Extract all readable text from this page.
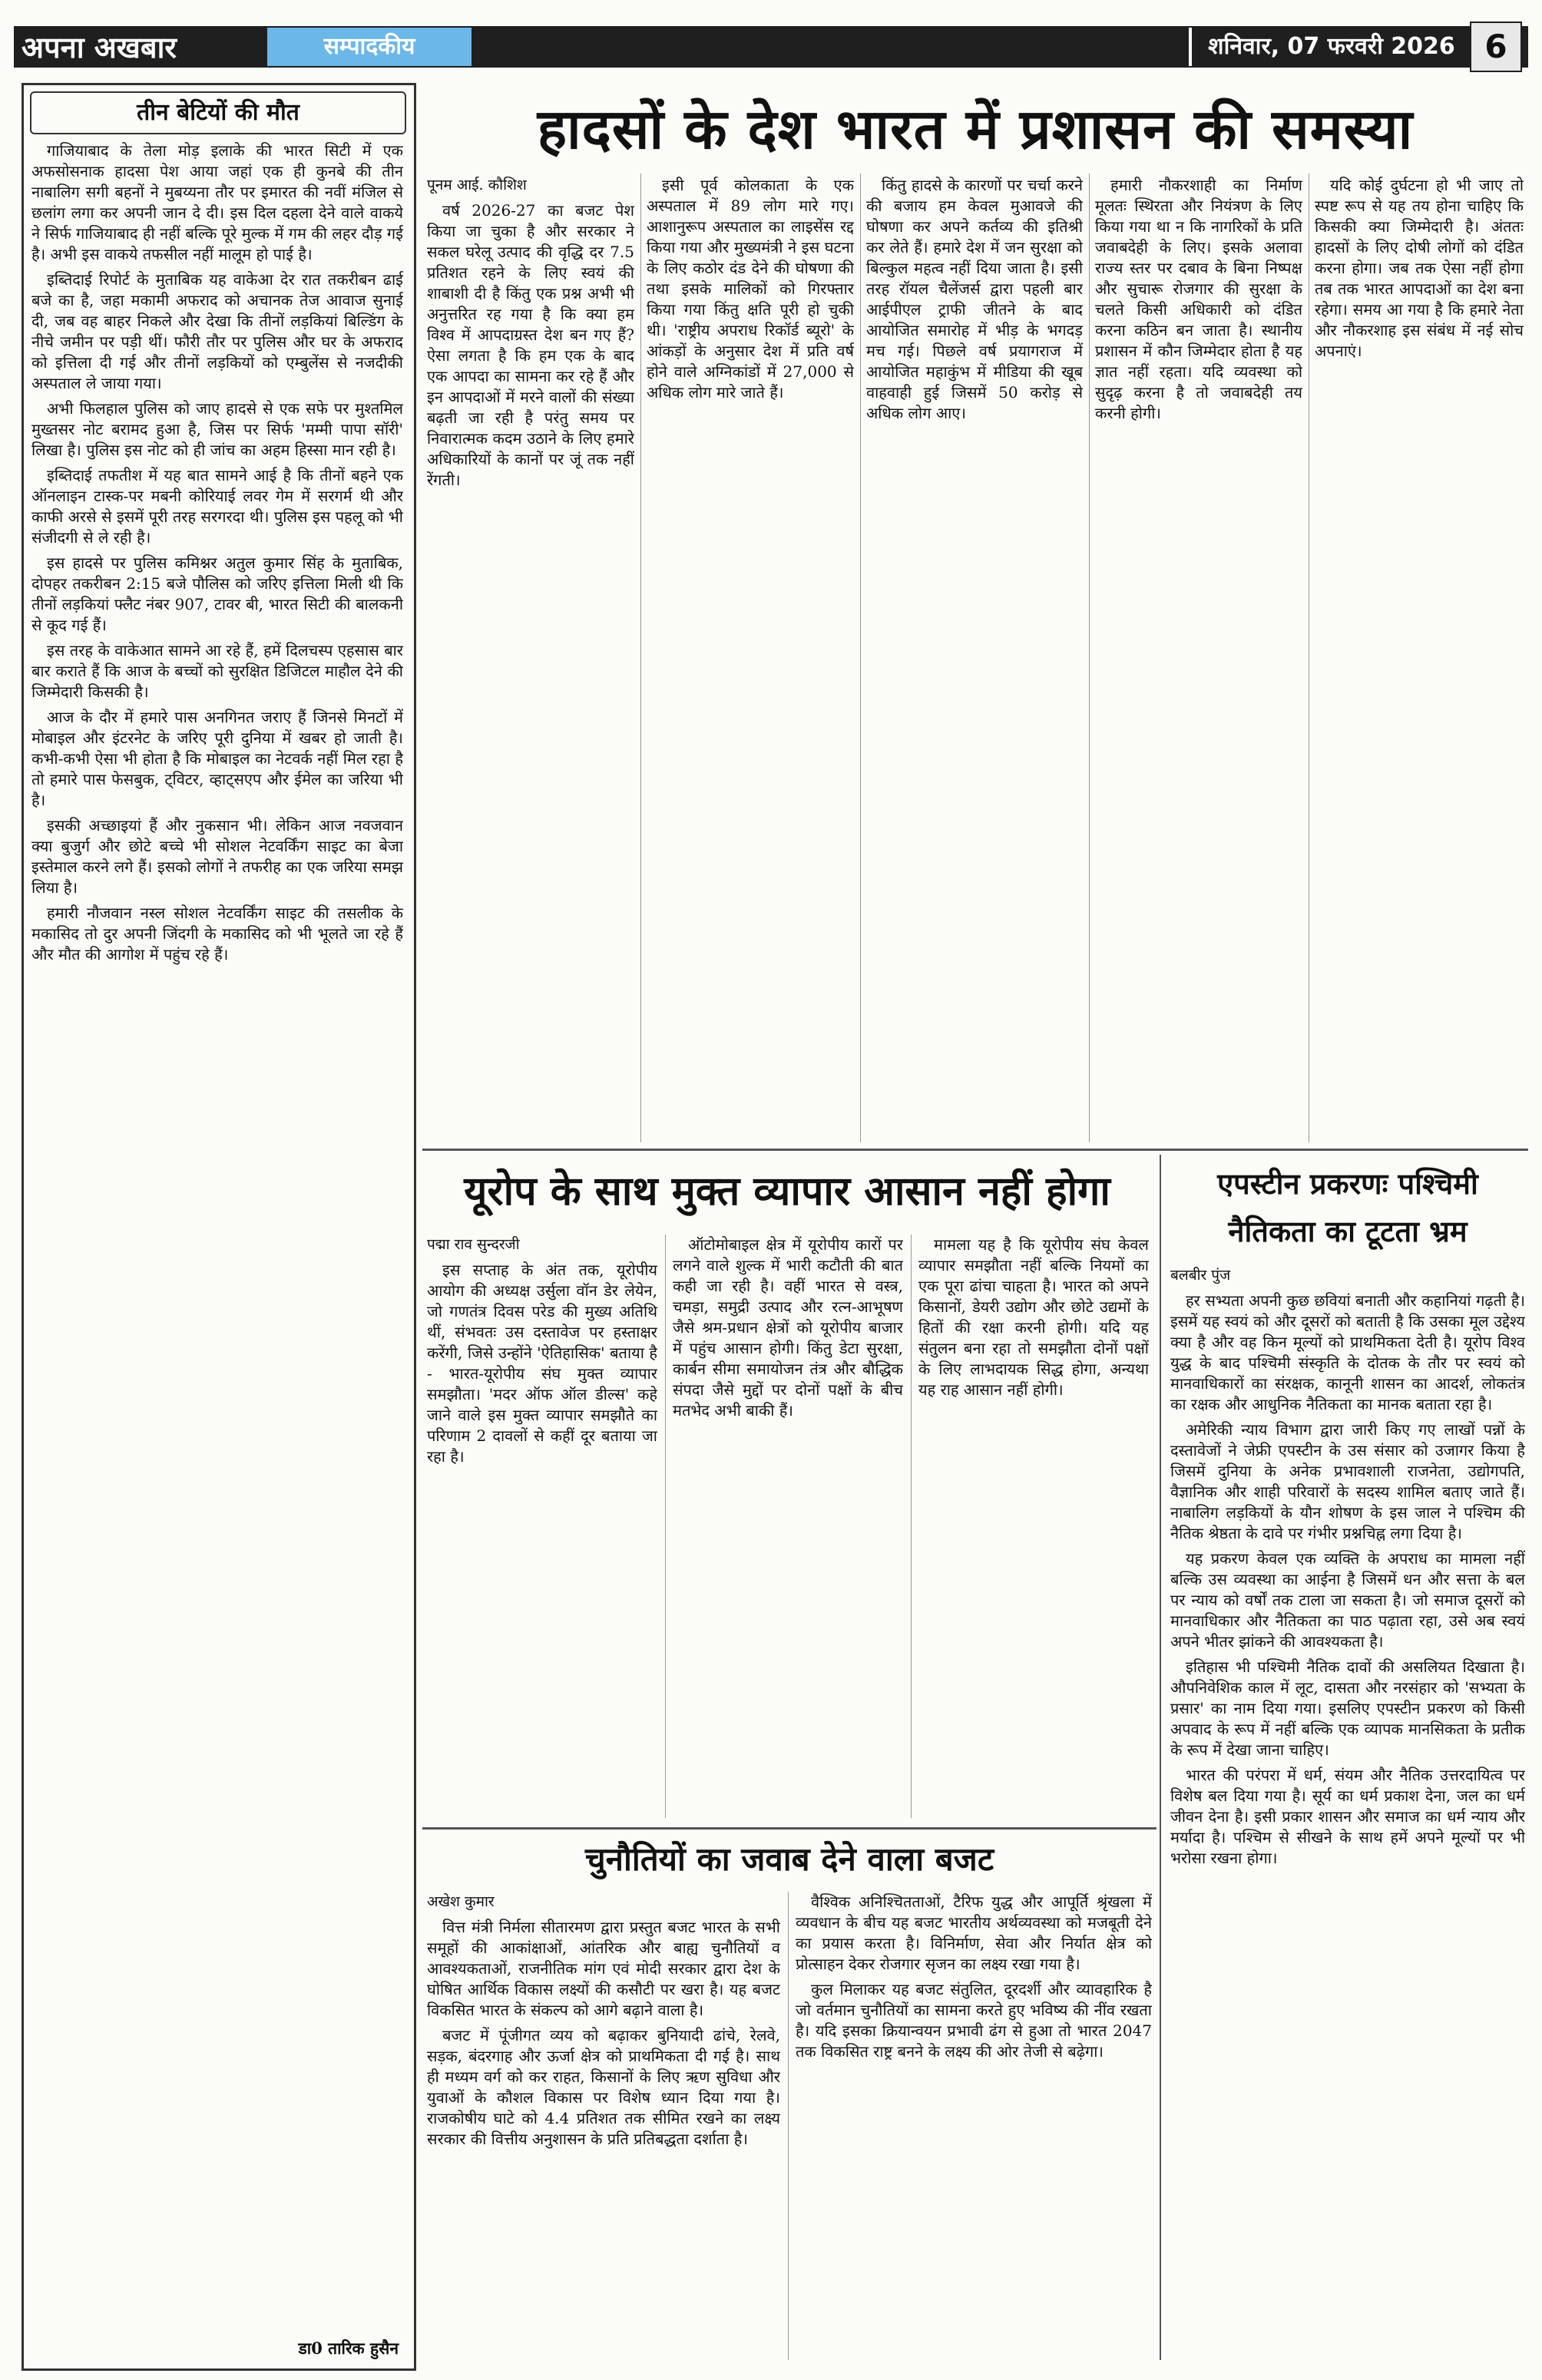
अपना अखबार	सम्पादकीय	शनिवार, 07 फरवरी 2026 6
तीन बेटियों की मौत

गाजियाबाद के तेला मोड़ इलाके की भारत सिटी में एक अफसोसनाक हादसा पेश आया जहां एक ही कुनबे की तीन नाबालिग सगी बहनों ने मुबय्यना तौर पर इमारत की नवीं मंजिल से छलांग लगा कर अपनी जान दे दी। इस दिल दहला देने वाले वाकये ने सिर्फ गाजियाबाद ही नहीं बल्कि पूरे मुल्क में गम की लहर दौड़ गई है। अभी इस वाकये तफसील नहीं मालूम हो पाई है।

इब्तिदाई रिपोर्ट के मुताबिक यह वाकेआ देर रात तकरीबन ढाई बजे का है, जहा मकामी अफराद को अचानक तेज आवाज सुनाई दी, जब वह बाहर निकले और देखा कि तीनों लड़कियां बिल्डिंग के नीचे जमीन पर पड़ी थीं। फौरी तौर पर पुलिस और घर के अफराद को इत्तिला दी गई और तीनों लड़कियों को एम्बुलेंस से नजदीकी अस्पताल ले जाया गया।

अभी फिलहाल पुलिस को जाए हादसे से एक सफे पर मुश्तमिल मुख्तसर नोट बरामद हुआ है, जिस पर सिर्फ 'मम्मी पापा सॉरी' लिखा है। पुलिस इस नोट को ही जांच का अहम हिस्सा मान रही है।

इब्तिदाई तफतीश में यह बात सामने आई है कि तीनों बहने एक ऑनलाइन टास्क-पर मबनी कोरियाई लवर गेम में सरगर्म थी और काफी अरसे से इसमें पूरी तरह सरगरदा थी। पुलिस इस पहलू को भी संजीदगी से ले रही है।

इस हादसे पर पुलिस कमिश्नर अतुल कुमार सिंह के मुताबिक, दोपहर तकरीबन 2:15 बजे पौलिस को जरिए इत्तिला मिली थी कि तीनों लड़कियां फ्लैट नंबर 907, टावर बी, भारत सिटी की बालकनी से कूद गई हैं।

इस तरह के वाकेआत सामने आ रहे हैं, हमें दिलचस्प एहसास बार बार कराते हैं कि आज के बच्चों को सुरक्षित डिजिटल माहौल देने की जिम्मेदारी किसकी है।

आज के दौर में हमारे पास अनगिनत जराए हैं जिनसे मिनटों में मोबाइल और इंटरनेट के जरिए पूरी दुनिया में खबर हो जाती है। कभी-कभी ऐसा भी होता है कि मोबाइल का नेटवर्क नहीं मिल रहा है तो हमारे पास फेसबुक, ट्विटर, व्हाट्सएप और ईमेल का जरिया भी है।

इसकी अच्छाइयां हैं और नुकसान भी। लेकिन आज नवजवान क्या बुजुर्ग और छोटे बच्चे भी सोशल नेटवर्किंग साइट का बेजा इस्तेमाल करने लगे हैं। इसको लोगों ने तफरीह का एक जरिया समझ लिया है।

हमारी नौजवान नस्ल सोशल नेटवर्किंग साइट की तसलीक के मकासिद तो दुर अपनी जिंदगी के मकासिद को भी भूलते जा रहे हैं और मौत की आगोश में पहुंच रहे हैं।

डा0 तारिक हुसैन
हादसों के देश भारत में प्रशासन की समस्या
पूनम आई. कौशिश

वर्ष 2026-27 का बजट पेश किया जा चुका है और सरकार ने सकल घरेलू उत्पाद की वृद्धि दर 7.5 प्रतिशत रहने के लिए स्वयं की शाबाशी दी है किंतु एक प्रश्न अभी भी अनुत्तरित रह गया है कि क्या हम विश्व में आपदाग्रस्त देश बन गए हैं? ऐसा लगता है कि हम एक के बाद एक आपदा का सामना कर रहे हैं और इन आपदाओं में मरने वालों की संख्या बढ़ती जा रही है परंतु समय पर निवारात्मक कदम उठाने के लिए हमारे अधिकारियों के कानों पर जूं तक नहीं रेंगती।

इसी पूर्व कोलकाता के एक अस्पताल में 89 लोग मारे गए। आशानुरूप अस्पताल का लाइसेंस रद्द किया गया और मुख्यमंत्री ने इस घटना के लिए कठोर दंड देने की घोषणा की तथा इसके मालिकों को गिरफ्तार किया गया किंतु क्षति पूरी हो चुकी थी। 'राष्ट्रीय अपराध रिकॉर्ड ब्यूरो' के आंकड़ों के अनुसार देश में प्रति वर्ष होने वाले अग्निकांडों में 27,000 से अधिक लोग मारे जाते हैं।

किंतु हादसे के कारणों पर चर्चा करने की बजाय हम केवल मुआवजे की घोषणा कर अपने कर्तव्य की इतिश्री कर लेते हैं। हमारे देश में जन सुरक्षा को बिल्कुल महत्व नहीं दिया जाता है। इसी तरह रॉयल चैलेंजर्स द्वारा पहली बार आईपीएल ट्राफी जीतने के बाद आयोजित समारोह में भीड़ के भगदड़ मच गई। पिछले वर्ष प्रयागराज में आयोजित महाकुंभ में मीडिया की खूब वाहवाही हुई जिसमें 50 करोड़ से अधिक लोग आए।

हमारी नौकरशाही का निर्माण मूलतः स्थिरता और नियंत्रण के लिए किया गया था न कि नागरिकों के प्रति जवाबदेही के लिए। इसके अलावा राज्य स्तर पर दबाव के बिना निष्पक्ष और सुचारू रोजगार की सुरक्षा के चलते किसी अधिकारी को दंडित करना कठिन बन जाता है। स्थानीय प्रशासन में कौन जिम्मेदार होता है यह ज्ञात नहीं रहता। यदि व्यवस्था को सुदृढ़ करना है तो जवाबदेही तय करनी होगी।

यदि कोई दुर्घटना हो भी जाए तो स्पष्ट रूप से यह तय होना चाहिए कि किसकी क्या जिम्मेदारी है। अंततः हादसों के लिए दोषी लोगों को दंडित करना होगा। जब तक ऐसा नहीं होगा तब तक भारत आपदाओं का देश बना रहेगा। समय आ गया है कि हमारे नेता और नौकरशाह इस संबंध में नई सोच अपनाएं।

यूरोप के साथ मुक्त व्यापार आसान नहीं होगा
पद्मा राव सुन्दरजी

इस सप्ताह के अंत तक, यूरोपीय आयोग की अध्यक्ष उर्सुला वॉन डेर लेयेन, जो गणतंत्र दिवस परेड की मुख्य अतिथि थीं, संभवतः उस दस्तावेज पर हस्ताक्षर करेंगी, जिसे उन्होंने 'ऐतिहासिक' बताया है - भारत-यूरोपीय संघ मुक्त व्यापार समझौता। 'मदर ऑफ ऑल डील्स' कहे जाने वाले इस मुक्त व्यापार समझौते का परिणाम 2 दावलों से कहीं दूर बताया जा रहा है।

ऑटोमोबाइल क्षेत्र में यूरोपीय कारों पर लगने वाले शुल्क में भारी कटौती की बात कही जा रही है। वहीं भारत से वस्त्र, चमड़ा, समुद्री उत्पाद और रत्न-आभूषण जैसे श्रम-प्रधान क्षेत्रों को यूरोपीय बाजार में पहुंच आसान होगी। किंतु डेटा सुरक्षा, कार्बन सीमा समायोजन तंत्र और बौद्धिक संपदा जैसे मुद्दों पर दोनों पक्षों के बीच मतभेद अभी बाकी हैं।

मामला यह है कि यूरोपीय संघ केवल व्यापार समझौता नहीं बल्कि नियमों का एक पूरा ढांचा चाहता है। भारत को अपने किसानों, डेयरी उद्योग और छोटे उद्यमों के हितों की रक्षा करनी होगी। यदि यह संतुलन बना रहा तो समझौता दोनों पक्षों के लिए लाभदायक सिद्ध होगा, अन्यथा यह राह आसान नहीं होगी।

एपस्टीन प्रकरणः पश्चिमी
नैतिकता का टूटता भ्रम
बलबीर पुंज

हर सभ्यता अपनी कुछ छवियां बनाती और कहानियां गढ़ती है। इसमें यह स्वयं को और दूसरों को बताती है कि उसका मूल उद्देश्य क्या है और वह किन मूल्यों को प्राथमिकता देती है। यूरोप विश्व युद्ध के बाद पश्चिमी संस्कृति के दोतक के तौर पर स्वयं को मानवाधिकारों का संरक्षक, कानूनी शासन का आदर्श, लोकतंत्र का रक्षक और आधुनिक नैतिकता का मानक बताता रहा है।

अमेरिकी न्याय विभाग द्वारा जारी किए गए लाखों पन्नों के दस्तावेजों ने जेफ्री एपस्टीन के उस संसार को उजागर किया है जिसमें दुनिया के अनेक प्रभावशाली राजनेता, उद्योगपति, वैज्ञानिक और शाही परिवारों के सदस्य शामिल बताए जाते हैं। नाबालिग लड़कियों के यौन शोषण के इस जाल ने पश्चिम की नैतिक श्रेष्ठता के दावे पर गंभीर प्रश्नचिह्न लगा दिया है।

यह प्रकरण केवल एक व्यक्ति के अपराध का मामला नहीं बल्कि उस व्यवस्था का आईना है जिसमें धन और सत्ता के बल पर न्याय को वर्षों तक टाला जा सकता है। जो समाज दूसरों को मानवाधिकार और नैतिकता का पाठ पढ़ाता रहा, उसे अब स्वयं अपने भीतर झांकने की आवश्यकता है।

इतिहास भी पश्चिमी नैतिक दावों की असलियत दिखाता है। औपनिवेशिक काल में लूट, दासता और नरसंहार को 'सभ्यता के प्रसार' का नाम दिया गया। इसलिए एपस्टीन प्रकरण को किसी अपवाद के रूप में नहीं बल्कि एक व्यापक मानसिकता के प्रतीक के रूप में देखा जाना चाहिए।

भारत की परंपरा में धर्म, संयम और नैतिक उत्तरदायित्व पर विशेष बल दिया गया है। सूर्य का धर्म प्रकाश देना, जल का धर्म जीवन देना है। इसी प्रकार शासन और समाज का धर्म न्याय और मर्यादा है। पश्चिम से सीखने के साथ हमें अपने मूल्यों पर भी भरोसा रखना होगा।

चुनौतियों का जवाब देने वाला बजट
अखेश कुमार

वित्त मंत्री निर्मला सीतारमण द्वारा प्रस्तुत बजट भारत के सभी समूहों की आकांक्षाओं, आंतरिक और बाह्य चुनौतियों व आवश्यकताओं, राजनीतिक मांग एवं मोदी सरकार द्वारा देश के घोषित आर्थिक विकास लक्ष्यों की कसौटी पर खरा है। यह बजट विकसित भारत के संकल्प को आगे बढ़ाने वाला है।

बजट में पूंजीगत व्यय को बढ़ाकर बुनियादी ढांचे, रेलवे, सड़क, बंदरगाह और ऊर्जा क्षेत्र को प्राथमिकता दी गई है। साथ ही मध्यम वर्ग को कर राहत, किसानों के लिए ऋण सुविधा और युवाओं के कौशल विकास पर विशेष ध्यान दिया गया है। राजकोषीय घाटे को 4.4 प्रतिशत तक सीमित रखने का लक्ष्य सरकार की वित्तीय अनुशासन के प्रति प्रतिबद्धता दर्शाता है।

वैश्विक अनिश्चितताओं, टैरिफ युद्ध और आपूर्ति श्रृंखला में व्यवधान के बीच यह बजट भारतीय अर्थव्यवस्था को मजबूती देने का प्रयास करता है। विनिर्माण, सेवा और निर्यात क्षेत्र को प्रोत्साहन देकर रोजगार सृजन का लक्ष्य रखा गया है।

कुल मिलाकर यह बजट संतुलित, दूरदर्शी और व्यावहारिक है जो वर्तमान चुनौतियों का सामना करते हुए भविष्य की नींव रखता है। यदि इसका क्रियान्वयन प्रभावी ढंग से हुआ तो भारत 2047 तक विकसित राष्ट्र बनने के लक्ष्य की ओर तेजी से बढ़ेगा।
